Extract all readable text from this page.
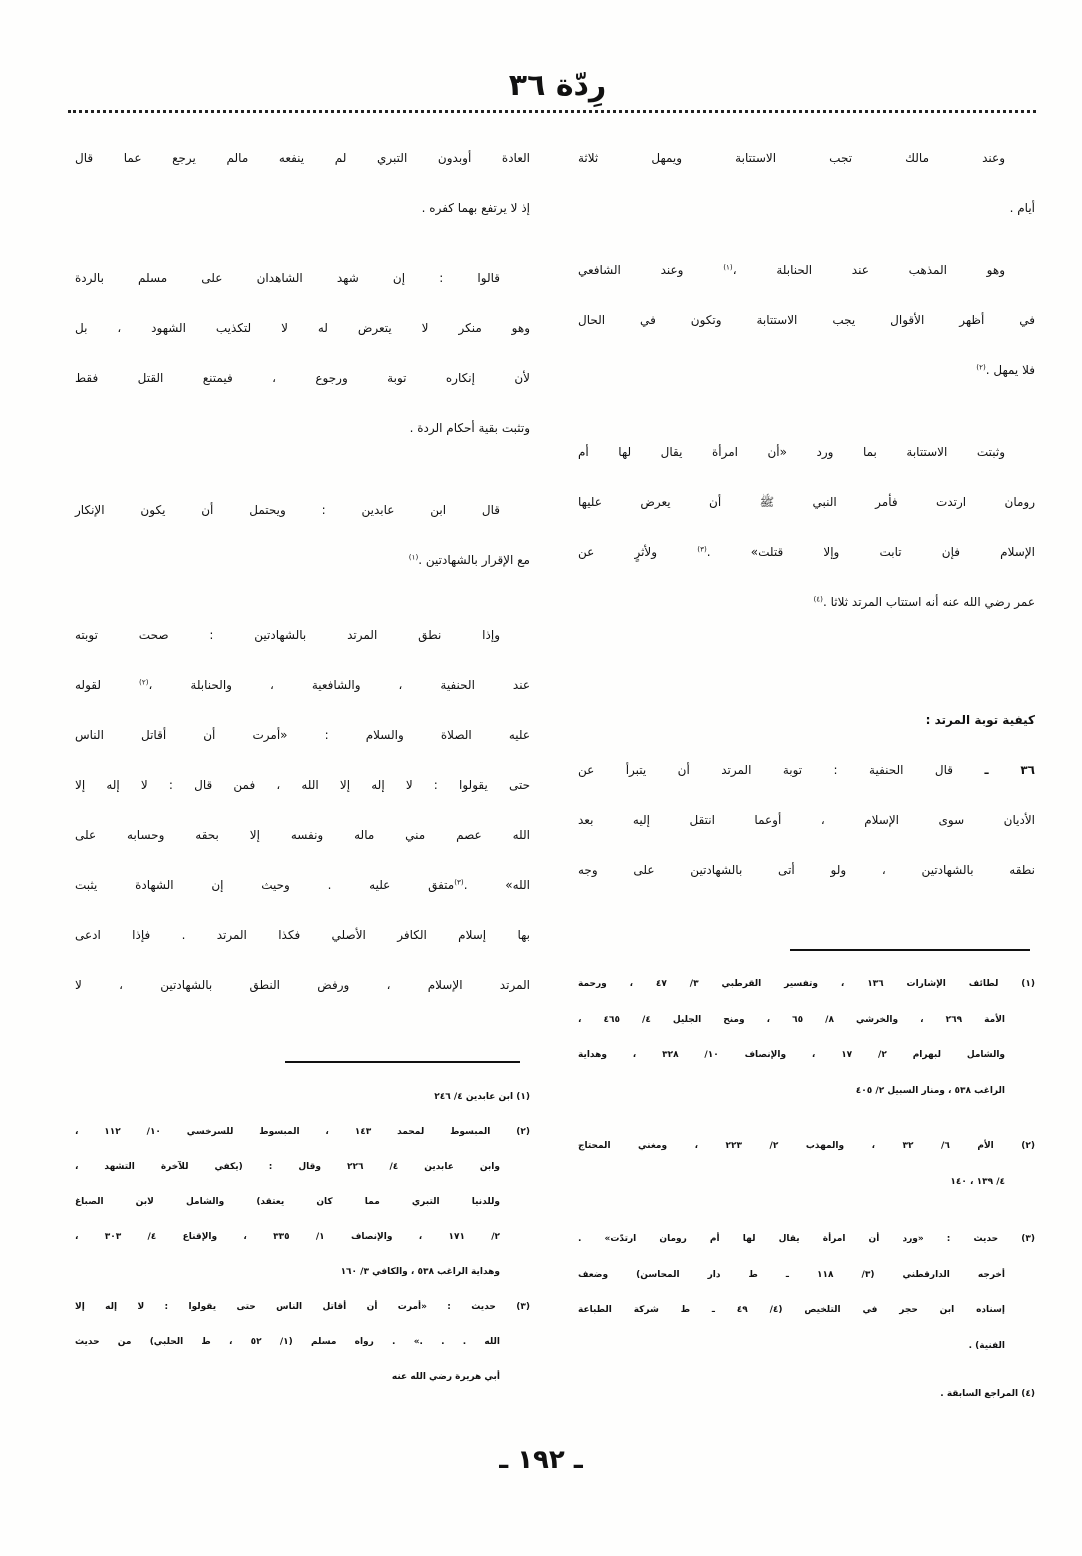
رِدّة ٣٦
وعند مالك تجب الاستتابة ويمهل ثلاثة
أيام .
وهو المذهب عند الحنابلة ،$^{(١)}$ وعند الشافعي
في أظهر الأقوال يجب الاستتابة وتكون في الحال
فلا يمهل .$^{(٢)}$
وثبتت الاستتابة بما ورد «أن امرأة يقال لها أم
رومان ارتدت فأمر النبي ﷺ أن يعرض عليها
الإسلام فإن تابت وإلا قتلت» .$^{(٣)}$ ولأثرٍ عن
عمر رضي الله عنه أنه استتاب المرتد ثلاثا .$^{(٤)}$
كيفية توبة المرتد :
٣٦ ـ قال الحنفية : توبة المرتد أن يتبرأ عن
الأديان سوى الإسلام ، أوعما انتقل إليه بعد
نطقه بالشهادتين ، ولو أتى بالشهادتين على وجه
(١) لطائف الإشارات ١٣٦ ، وتفسير القرطبي ٣/ ٤٧ ، ورحمة
الأمة ٢٦٩ ، والخرشي ٨/ ٦٥ ، ومنح الجليل ٤/ ٤٦٥ ،
والشامل لبهرام ٢/ ١٧ ، والإنصاف ١٠/ ٣٢٨ ، وهداية
الراغب ٥٣٨ ، ومنار السبيل ٢/ ٤٠٥
(٢) الأم ٦/ ٣٢ ، والمهذب ٢/ ٢٢٣ ، ومغني المحتاج
٤/ ١٣٩ ، ١٤٠
(٣) حديث : «ورد أن امرأة يقال لها أم رومان ارتدّت» .
أخرجه الدارقطني (٣/ ١١٨ ـ ط دار المحاسن) وضعف
إسناده ابن حجر في التلخيص (٤/ ٤٩ ـ ط شركة الطباعة
الفنية) .
(٤) المراجع السابقة .
العادة أوبدون التبري لم ينفعه مالم يرجع عما قال
إذ لا يرتفع بهما كفره .
قالوا : إن شهد الشاهدان على مسلم بالردة
وهو منكر لا يتعرض له لا لتكذيب الشهود ، بل
لأن إنكاره توبة ورجوع ، فيمتنع القتل فقط
وتثبت بقية أحكام الردة .
قال ابن عابدين : ويحتمل أن يكون الإنكار
مع الإقرار بالشهادتين .$^{(١)}$
وإذا نطق المرتد بالشهادتين : صحت توبته
عند الحنفية ، والشافعية ، والحنابلة ،$^{(٢)}$ لقوله
عليه الصلاة والسلام : «أمرت أن أقاتل الناس
حتى يقولوا : لا إله إلا الله ، فمن قال : لا إله إلا
الله عصم مني ماله ونفسه إلا بحقه وحسابه على
الله» .$^{(٣)}$متفق عليه . وحيث إن الشهادة يثبت
بها إسلام الكافر الأصلي فكذا المرتد . فإذا ادعى
المرتد الإسلام ، ورفض النطق بالشهادتين ، لا
(١) ابن عابدين ٤/ ٢٤٦
(٢) المبسوط لمحمد ١٤٣ ، المبسوط للسرخسي ١٠/ ١١٢ ،
وابن عابدين ٤/ ٢٢٦ وقال : (يكفي للآخرة التشهد ،
وللدنيا التبري مما كان يعتقد) والشامل لابن الصباغ
٢/ ١٧١ ، والإنصاف ١/ ٣٣٥ ، والإقناع ٤/ ٣٠٣ ،
وهداية الراغب ٥٣٨ ، والكافي ٣/ ١٦٠
(٣) حديث : «أمرت أن أقاتل الناس حتى يقولوا : لا إله إلا
الله . . .» . رواه مسلم (١/ ٥٢ ، ط الحلبي) من حديث
أبي هريرة رضي الله عنه
ـ ١٩٢ ـ
